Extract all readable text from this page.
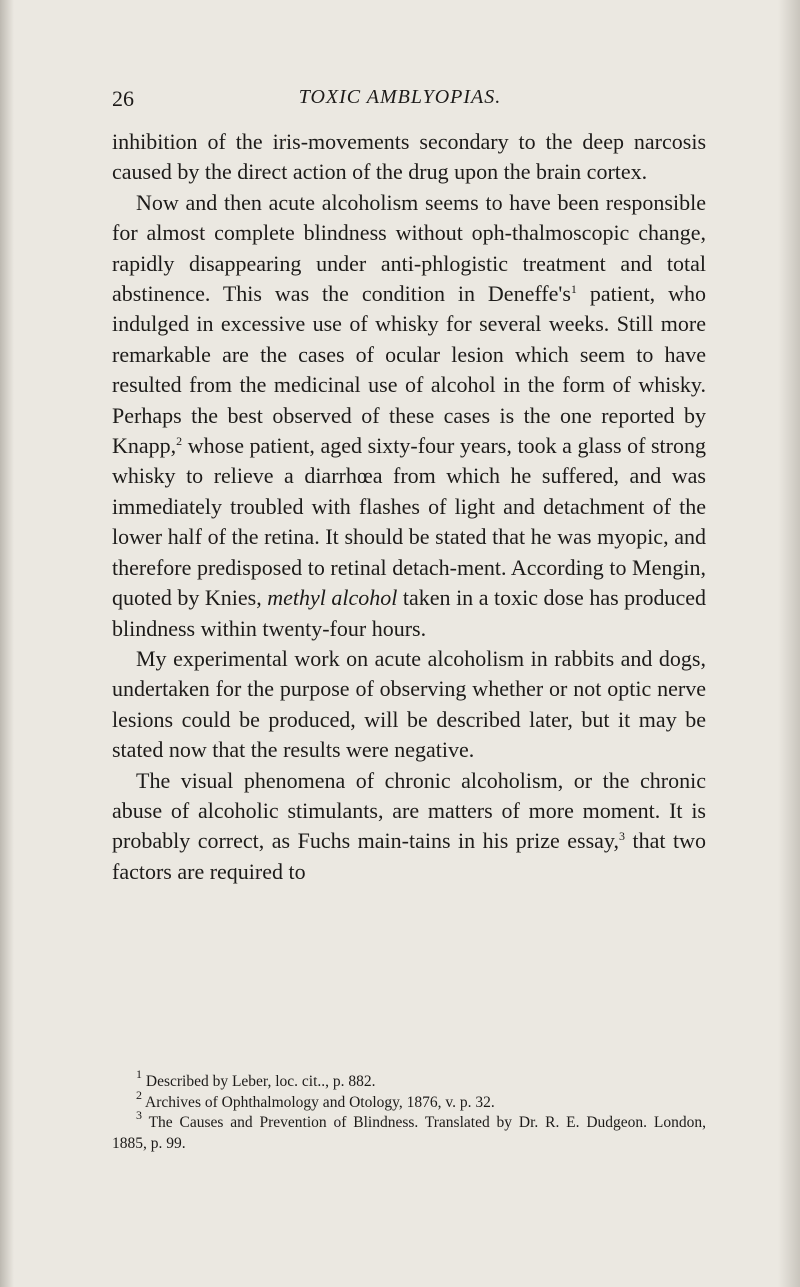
26	TOXIC AMBLYOPIAS.

inhibition of the iris-movements secondary to the deep narcosis caused by the direct action of the drug upon the brain cortex.

Now and then acute alcoholism seems to have been responsible for almost complete blindness without oph-thalmoscopic change, rapidly disappearing under anti-phlogistic treatment and total abstinence. This was the condition in $Deneffe's^1$ patient, who indulged in excessive use of whisky for several weeks. Still more remarkable are the cases of ocular lesion which seem to have resulted from the medicinal use of alcohol in the form of whisky. Perhaps the best observed of these cases is the one reported by Knapp,$^2$ whose patient, aged sixty-four years, took a glass of strong whisky to relieve a diarrhœa from which he suffered, and was immediately troubled with flashes of light and detachment of the lower half of the retina. It should be stated that he was myopic, and therefore predisposed to retinal detach-ment. According to Mengin, quoted by Knies, methyl alcohol taken in a toxic dose has produced blindness within twenty-four hours.

My experimental work on acute alcoholism in rabbits and dogs, undertaken for the purpose of observing whether or not optic nerve lesions could be produced, will be described later, but it may be stated now that the results were negative.

The visual phenomena of chronic alcoholism, or the chronic abuse of alcoholic stimulants, are matters of more moment. It is probably correct, as Fuchs main-tains in his prize essay,$^3$ that two factors are required to

$^1$ Described by Leber, loc. cit.., p. 882.

$^2$ Archives of Ophthalmology and Otology, 1876, v. p. 32.

$^3$ The Causes and Prevention of Blindness. Translated by Dr. R. E. Dudgeon. London, 1885, p. 99.
